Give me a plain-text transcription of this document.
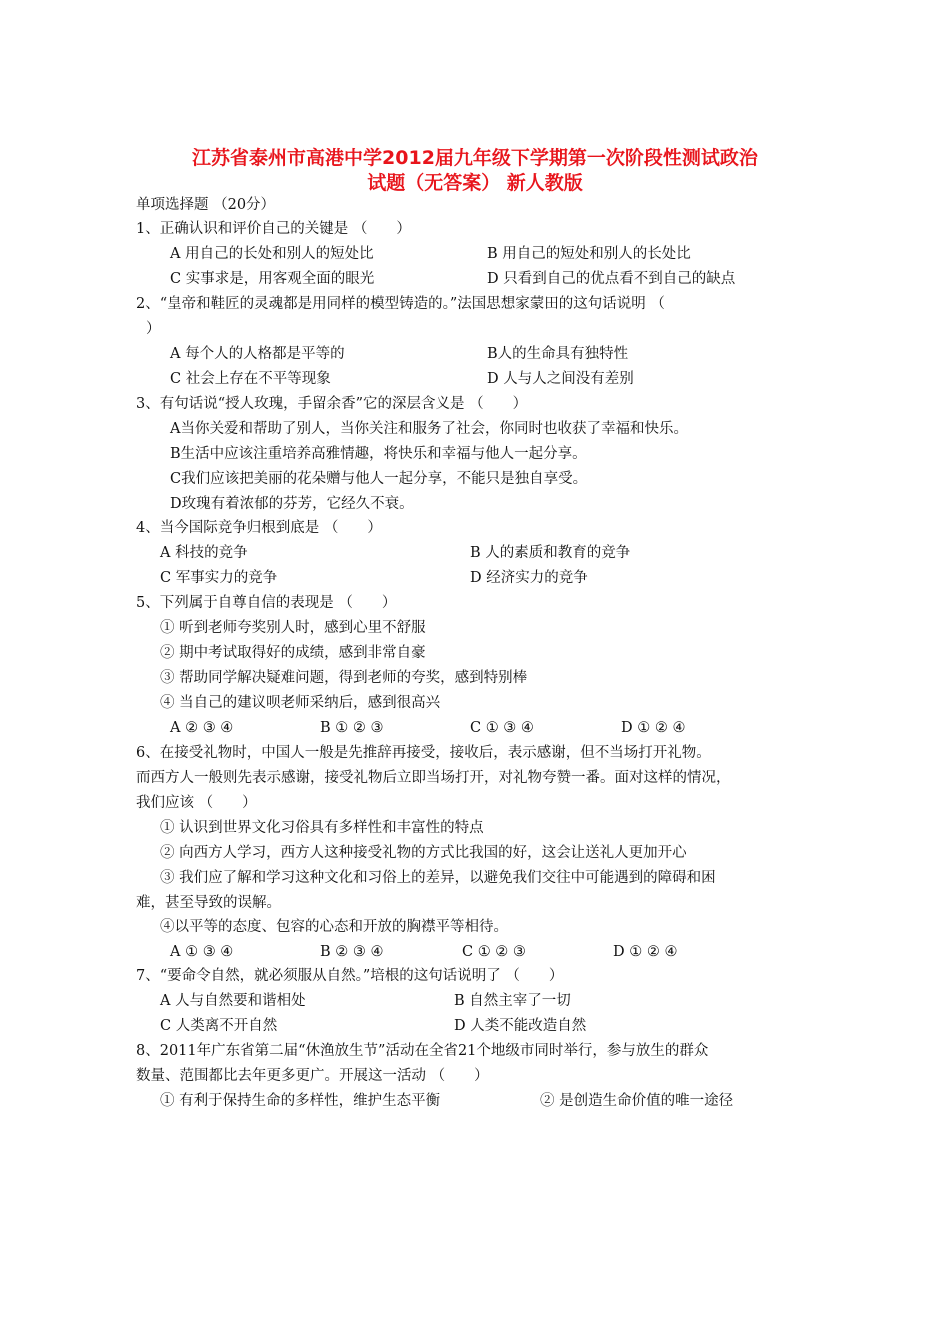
江苏省泰州市高港中学2012届九年级下学期第一次阶段性测试政治
试题（无答案） 新人教版
单项选择题 （20分）
1、正确认识和评价自己的关键是 （　　）
A 用自己的长处和别人的短处比	B 用自己的短处和别人的长处比
C 实事求是，用客观全面的眼光	D 只看到自己的优点看不到自己的缺点
2、“皇帝和鞋匠的灵魂都是用同样的模型铸造的。”法国思想家蒙田的这句话说明 （
）
A 每个人的人格都是平等的	B人的生命具有独特性
C 社会上存在不平等现象	D 人与人之间没有差别
3、有句话说“授人玫瑰，手留余香”它的深层含义是 （　　）
A当你关爱和帮助了别人，当你关注和服务了社会，你同时也收获了幸福和快乐。
B生活中应该注重培养高雅情趣，将快乐和幸福与他人一起分享。
C我们应该把美丽的花朵赠与他人一起分享，不能只是独自享受。
D玫瑰有着浓郁的芬芳，它经久不衰。
4、当今国际竞争归根到底是 （　　）
A 科技的竞争	B 人的素质和教育的竞争
C 军事实力的竞争	D 经济实力的竞争
5、下列属于自尊自信的表现是 （　　）
① 听到老师夸奖别人时，感到心里不舒服
② 期中考试取得好的成绩，感到非常自豪
③ 帮助同学解决疑难问题，得到老师的夸奖，感到特别棒
④ 当自己的建议呗老师采纳后，感到很高兴
A ② ③ ④	B ① ② ③	C ① ③ ④	D ① ② ④
6、在接受礼物时，中国人一般是先推辞再接受，接收后，表示感谢，但不当场打开礼物。
而西方人一般则先表示感谢，接受礼物后立即当场打开，对礼物夸赞一番。面对这样的情况，
我们应该 （　　）
① 认识到世界文化习俗具有多样性和丰富性的特点
② 向西方人学习，西方人这种接受礼物的方式比我国的好，这会让送礼人更加开心
③ 我们应了解和学习这种文化和习俗上的差异，以避免我们交往中可能遇到的障碍和困
难，甚至导致的误解。
④以平等的态度、包容的心态和开放的胸襟平等相待。
A ① ③ ④	B ② ③ ④	C ① ② ③	D ① ② ④
7、“要命令自然，就必须服从自然。”培根的这句话说明了 （　　）
A 人与自然要和谐相处	B 自然主宰了一切
C 人类离不开自然	D 人类不能改造自然
8、2011年广东省第二届“休渔放生节”活动在全省21个地级市同时举行，参与放生的群众
数量、范围都比去年更多更广。开展这一活动 （　　）
① 有利于保持生命的多样性，维护生态平衡	② 是创造生命价值的唯一途径
